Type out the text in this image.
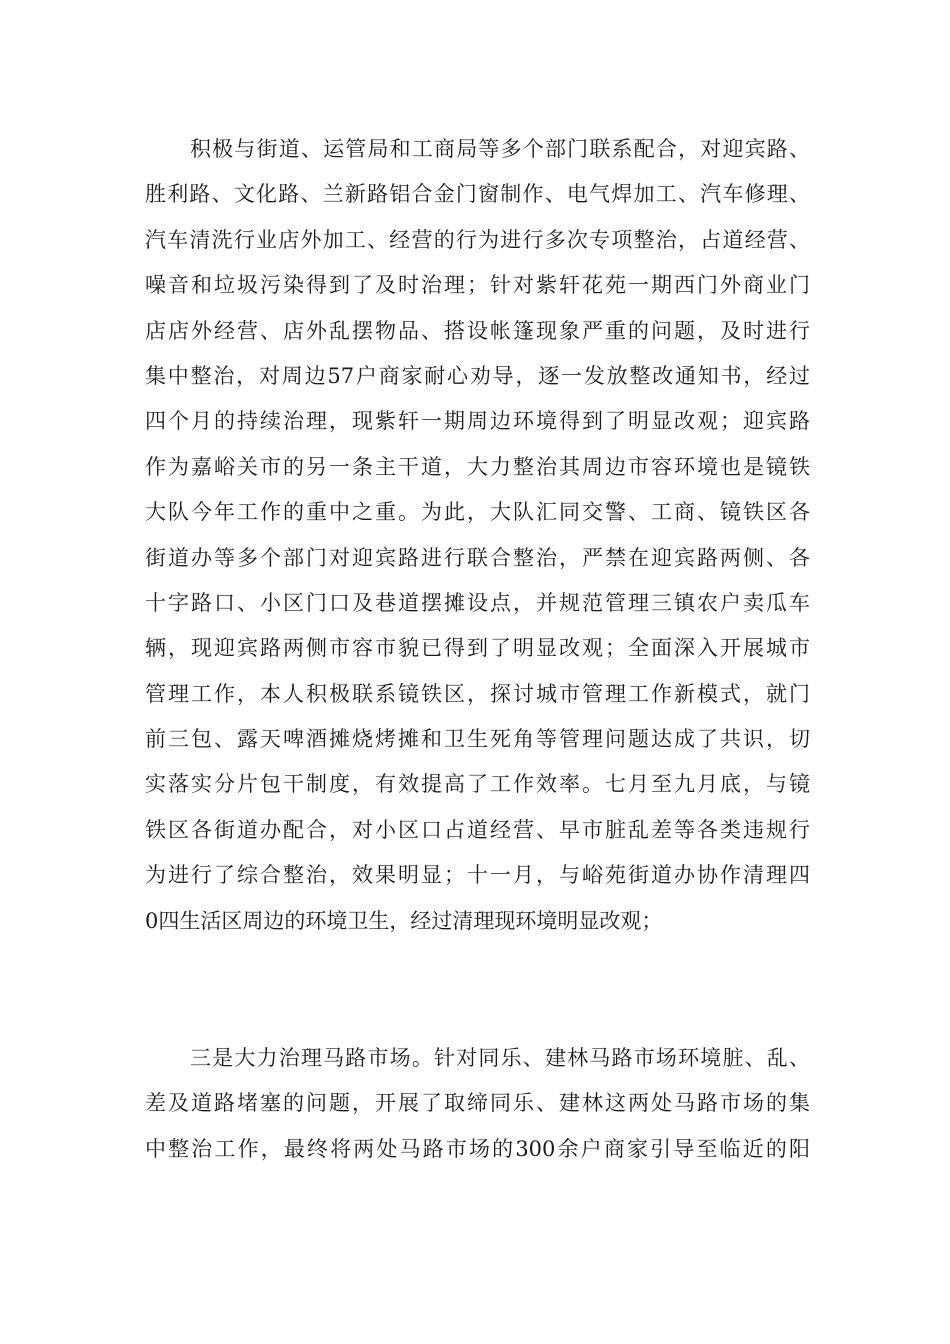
积极与街道、运管局和工商局等多个部门联系配合，对迎宾路、
胜利路、文化路、兰新路铝合金门窗制作、电气焊加工、汽车修理、
汽车清洗行业店外加工、经营的行为进行多次专项整治，占道经营、
噪音和垃圾污染得到了及时治理；针对紫轩花苑一期西门外商业门
店店外经营、店外乱摆物品、搭设帐篷现象严重的问题，及时进行
集中整治，对周边57户商家耐心劝导，逐一发放整改通知书，经过
四个月的持续治理，现紫轩一期周边环境得到了明显改观；迎宾路
作为嘉峪关市的另一条主干道，大力整治其周边市容环境也是镜铁
大队今年工作的重中之重。为此，大队汇同交警、工商、镜铁区各
街道办等多个部门对迎宾路进行联合整治，严禁在迎宾路两侧、各
十字路口、小区门口及巷道摆摊设点，并规范管理三镇农户卖瓜车
辆，现迎宾路两侧市容市貌已得到了明显改观；全面深入开展城市
管理工作，本人积极联系镜铁区，探讨城市管理工作新模式，就门
前三包、露天啤酒摊烧烤摊和卫生死角等管理问题达成了共识，切
实落实分片包干制度，有效提高了工作效率。七月至九月底，与镜
铁区各街道办配合，对小区口占道经营、早市脏乱差等各类违规行
为进行了综合整治，效果明显；十一月，与峪苑街道办协作清理四
0四生活区周边的环境卫生，经过清理现环境明显改观；

三是大力治理马路市场。针对同乐、建林马路市场环境脏、乱、
差及道路堵塞的问题，开展了取缔同乐、建林这两处马路市场的集
中整治工作，最终将两处马路市场的300余户商家引导至临近的阳
